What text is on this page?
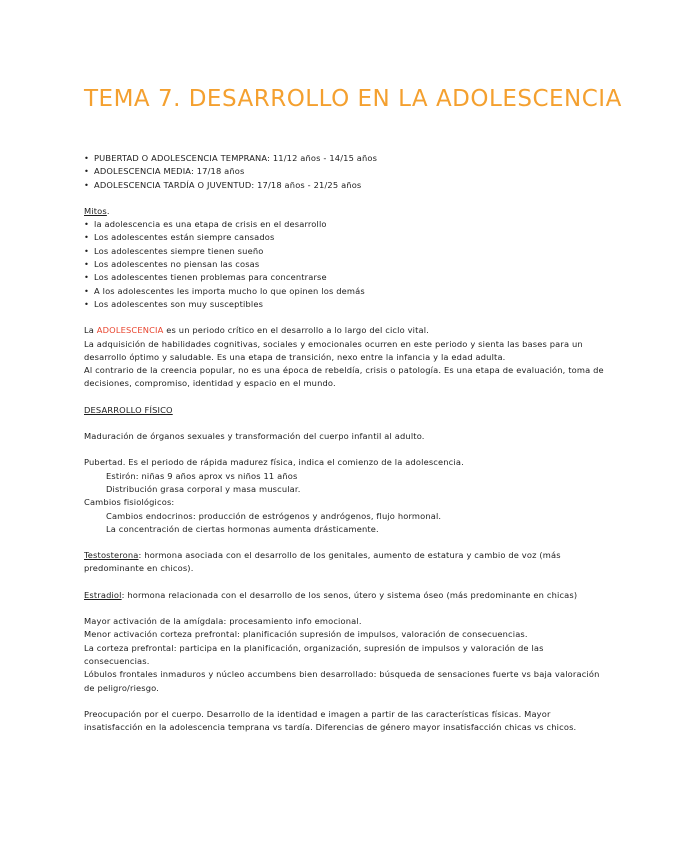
TEMA 7. DESARROLLO EN LA ADOLESCENCIA
• PUBERTAD O ADOLESCENCIA TEMPRANA: 11/12 años - 14/15 años
• ADOLESCENCIA MEDIA: 17/18 años
• ADOLESCENCIA TARDÍA O JUVENTUD: 17/18 años - 21/25 años

Mitos.

• la adolescencia es una etapa de crisis en el desarrollo
• Los adolescentes están siempre cansados
• Los adolescentes siempre tienen sueño
• Los adolescentes no piensan las cosas
• Los adolescentes tienen problemas para concentrarse
• A los adolescentes les importa mucho lo que opinen los demás
• Los adolescentes son muy susceptibles

La ADOLESCENCIA es un periodo crítico en el desarrollo a lo largo del ciclo vital.

La adquisición de habilidades cognitivas, sociales y emocionales ocurren en este periodo y sienta las bases para un desarrollo óptimo y saludable. Es una etapa de transición, nexo entre la infancia y la edad adulta.

Al contrario de la creencia popular, no es una época de rebeldía, crisis o patología. Es una etapa de evaluación, toma de decisiones, compromiso, identidad y espacio en el mundo.

DESARROLLO FÍSICO

Maduración de órganos sexuales y transformación del cuerpo infantil al adulto.

Pubertad. Es el periodo de rápida madurez física, indica el comienzo de la adolescencia.

Estirón: niñas 9 años aprox vs niños 11 años

Distribución grasa corporal y masa muscular.

Cambios fisiológicos:

Cambios endocrinos: producción de estrógenos y andrógenos, flujo hormonal.

La concentración de ciertas hormonas aumenta drásticamente.

Testosterona: hormona asociada con el desarrollo de los genitales, aumento de estatura y cambio de voz (más predominante en chicos).

Estradiol: hormona relacionada con el desarrollo de los senos, útero y sistema óseo (más predominante en chicas)

Mayor activación de la amígdala: procesamiento info emocional.

Menor activación corteza prefrontal: planificación supresión de impulsos, valoración de consecuencias.

La corteza prefrontal: participa en la planificación, organización, supresión de impulsos y valoración de las consecuencias.

Lóbulos frontales inmaduros y núcleo accumbens bien desarrollado: búsqueda de sensaciones fuerte vs baja valoración de peligro/riesgo.

Preocupación por el cuerpo. Desarrollo de la identidad e imagen a partir de las características físicas. Mayor insatisfacción en la adolescencia temprana vs tardía. Diferencias de género mayor insatisfacción chicas vs chicos.
